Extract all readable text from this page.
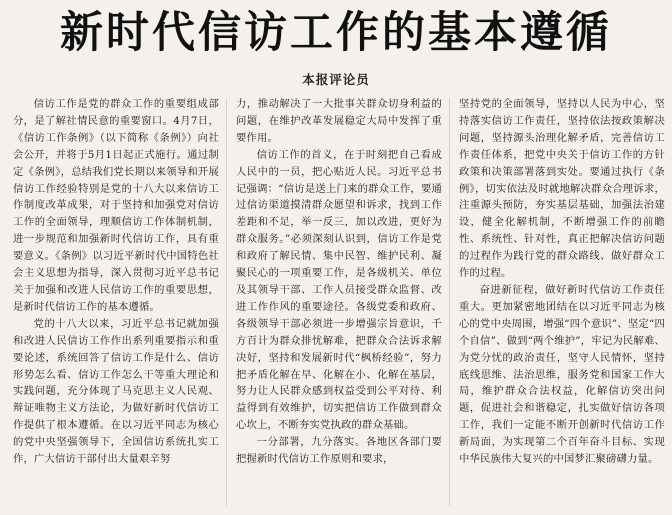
新时代信访工作的基本遵循
本报评论员

信访工作是党的群众工作的重要组成部分，是了解社情民意的重要窗口。4月7日，《信访工作条例》（以下简称《条例》）向社会公开，并将于5月1日起正式施行。通过制定《条例》，总结我们党长期以来领导和开展信访工作经验特别是党的十八大以来信访工作制度改革成果，对于坚持和加强党对信访工作的全面领导，理顺信访工作体制机制，进一步规范和加强新时代信访工作，具有重要意义。《条例》以习近平新时代中国特色社会主义思想为指导，深入贯彻习近平总书记关于加强和改进人民信访工作的重要思想，是新时代信访工作的基本遵循。

党的十八大以来，习近平总书记就加强和改进人民信访工作作出系列重要指示和重要论述，系统回答了信访工作是什么、信访形势怎么看、信访工作怎么干等重大理论和实践问题，充分体现了马克思主义人民观、辩证唯物主义方法论，为做好新时代信访工作提供了根本遵循。在以习近平同志为核心的党中央坚强领导下，全国信访系统扎实工作，广大信访干部付出大量艰辛努

力，推动解决了一大批事关群众切身利益的问题，在维护改革发展稳定大局中发挥了重要作用。

信访工作的首义，在于时刻把自己看成人民中的一员，把心贴近人民。习近平总书记强调：“信访是送上门来的群众工作，要通过信访渠道摸清群众愿望和诉求，找到工作差距和不足，举一反三，加以改进，更好为群众服务。”必须深刻认识到，信访工作是党和政府了解民情、集中民智、维护民利、凝聚民心的一项重要工作，是各级机关、单位及其领导干部、工作人员接受群众监督、改进工作作风的重要途径。各级党委和政府、各级领导干部必须进一步增强宗旨意识，千方百计为群众排忧解难，把群众合法诉求解决好，坚持和发展新时代“枫桥经验”，努力把矛盾化解在早、化解在小、化解在基层，努力让人民群众感到权益受到公平对待、利益得到有效维护，切实把信访工作做到群众心坎上，不断夯实党执政的群众基础。

一分部署，九分落实。各地区各部门要把握新时代信访工作原则和要求，

坚持党的全面领导，坚持以人民为中心，坚持落实信访工作责任，坚持依法按政策解决问题，坚持源头治理化解矛盾，完善信访工作责任体系，把党中央关于信访工作的方针政策和决策部署落到实处。要通过执行《条例》，切实依法及时就地解决群众合理诉求，注重源头预防，夯实基层基础，加强法治建设，健全化解机制，不断增强工作的前瞻性、系统性、针对性，真正把解决信访问题的过程作为践行党的群众路线、做好群众工作的过程。

奋进新征程，做好新时代信访工作责任重大。更加紧密地团结在以习近平同志为核心的党中央周围，增强“四个意识”、坚定“四个自信”、做到“两个维护”，牢记为民解难、为党分忧的政治责任，坚守人民情怀，坚持底线思维、法治思维，服务党和国家工作大局，维护群众合法权益，化解信访突出问题，促进社会和谐稳定，扎实做好信访各项工作，我们一定能不断开创新时代信访工作新局面，为实现第二个百年奋斗目标、实现中华民族伟大复兴的中国梦汇聚磅礴力量。
